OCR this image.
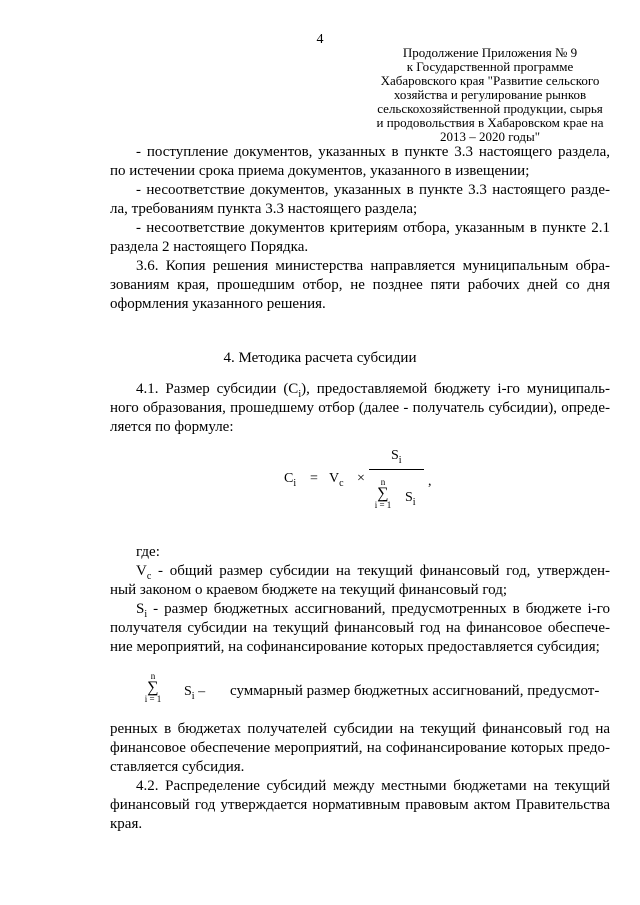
4
Продолжение Приложения № 9
к Государственной программе
Хабаровского края "Развитие сельского
хозяйства и регулирование рынков
сельскохозяйственной продукции, сырья
и продовольствия в Хабаровском крае на
2013 – 2020 годы"
- поступление документов, указанных в пункте 3.3 настоящего раздела,
по истечении срока приема документов, указанного в извещении;
- несоответствие документов, указанных в пункте 3.3 настоящего разде-
ла, требованиям пункта 3.3 настоящего раздела;
- несоответствие документов критериям отбора, указанным в пункте 2.1
раздела 2 настоящего Порядка.
3.6. Копия решения министерства направляется муниципальным обра-
зованиям края, прошедшим отбор, не позднее пяти рабочих дней со дня
оформления указанного решения.
4. Методика расчета субсидии
4.1. Размер субсидии $(C_i)$, предоставляемой бюджету i-го муниципаль-
ного образования, прошедшему отбор (далее - получатель субсидии), опреде-
ляется по формуле:
$C_i = V_c$ ×
$S_i$
,
n
∑
i = 1 $S_i$
где:
$V_c$ - общий размер субсидии на текущий финансовый год, утвержден-
ный законом о краевом бюджете на текущий финансовый год;
$S_i$ - размер бюджетных ассигнований, предусмотренных в бюджете i-го
получателя субсидии на текущий финансовый год на финансовое обеспече-
ние мероприятий, на софинансирование которых предоставляется субсидия;
n
∑
i = 1 $S_i$ – суммарный размер бюджетных ассигнований, предусмот-
ренных в бюджетах получателей субсидии на текущий финансовый год на
финансовое обеспечение мероприятий, на софинансирование которых предо-
ставляется субсидия.
4.2. Распределение субсидий между местными бюджетами на текущий
финансовый год утверждается нормативным правовым актом Правительства
края.
